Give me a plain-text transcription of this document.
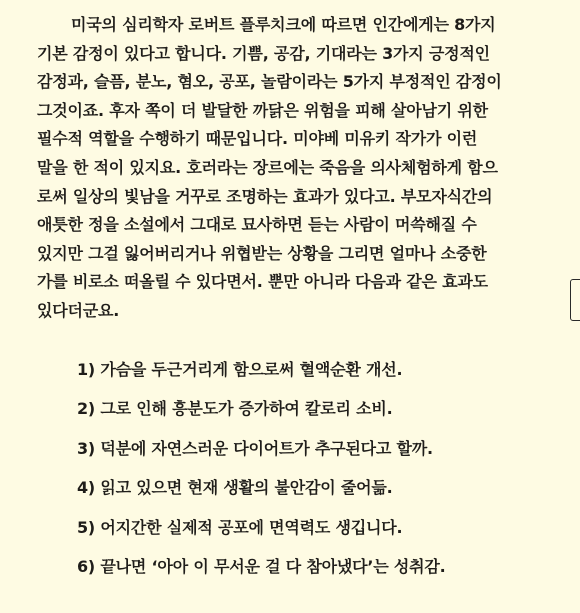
미국의 심리학자 로버트 플루치크에 따르면 인간에게는 8가지
기본 감정이 있다고 합니다. 기쁨, 공감, 기대라는 3가지 긍정적인
감정과, 슬픔, 분노, 혐오, 공포, 놀람이라는 5가지 부정적인 감정이
그것이죠. 후자 쪽이 더 발달한 까닭은 위험을 피해 살아남기 위한
필수적 역할을 수행하기 때문입니다. 미야베 미유키 작가가 이런
말을 한 적이 있지요. 호러라는 장르에는 죽음을 의사체험하게 함으
로써 일상의 빛남을 거꾸로 조명하는 효과가 있다고. 부모자식간의
애틋한 정을 소설에서 그대로 묘사하면 듣는 사람이 머쓱해질 수
있지만 그걸 잃어버리거나 위협받는 상황을 그리면 얼마나 소중한
가를 비로소 떠올릴 수 있다면서. 뿐만 아니라 다음과 같은 효과도
있다더군요.
1) 가슴을 두근거리게 함으로써 혈액순환 개선.
2) 그로 인해 흥분도가 증가하여 칼로리 소비.
3) 덕분에 자연스러운 다이어트가 추구된다고 할까.
4) 읽고 있으면 현재 생활의 불안감이 줄어듦.
5) 어지간한 실제적 공포에 면역력도 생깁니다.
6) 끝나면 ‘아아 이 무서운 걸 다 참아냈다’는 성취감.
